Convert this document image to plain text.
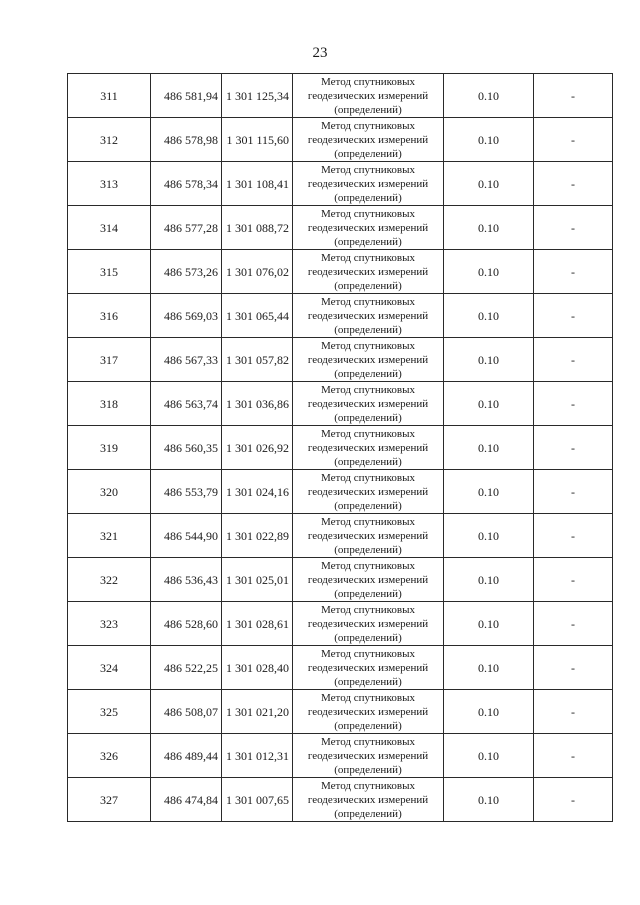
23
311	486 581,94	1 301 125,34	Метод спутниковых
геодезических измерений
(определений)	0.10	-
312	486 578,98	1 301 115,60	Метод спутниковых
геодезических измерений
(определений)	0.10	-
313	486 578,34	1 301 108,41	Метод спутниковых
геодезических измерений
(определений)	0.10	-
314	486 577,28	1 301 088,72	Метод спутниковых
геодезических измерений
(определений)	0.10	-
315	486 573,26	1 301 076,02	Метод спутниковых
геодезических измерений
(определений)	0.10	-
316	486 569,03	1 301 065,44	Метод спутниковых
геодезических измерений
(определений)	0.10	-
317	486 567,33	1 301 057,82	Метод спутниковых
геодезических измерений
(определений)	0.10	-
318	486 563,74	1 301 036,86	Метод спутниковых
геодезических измерений
(определений)	0.10	-
319	486 560,35	1 301 026,92	Метод спутниковых
геодезических измерений
(определений)	0.10	-
320	486 553,79	1 301 024,16	Метод спутниковых
геодезических измерений
(определений)	0.10	-
321	486 544,90	1 301 022,89	Метод спутниковых
геодезических измерений
(определений)	0.10	-
322	486 536,43	1 301 025,01	Метод спутниковых
геодезических измерений
(определений)	0.10	-
323	486 528,60	1 301 028,61	Метод спутниковых
геодезических измерений
(определений)	0.10	-
324	486 522,25	1 301 028,40	Метод спутниковых
геодезических измерений
(определений)	0.10	-
325	486 508,07	1 301 021,20	Метод спутниковых
геодезических измерений
(определений)	0.10	-
326	486 489,44	1 301 012,31	Метод спутниковых
геодезических измерений
(определений)	0.10	-
327	486 474,84	1 301 007,65	Метод спутниковых
геодезических измерений
(определений)	0.10	-
